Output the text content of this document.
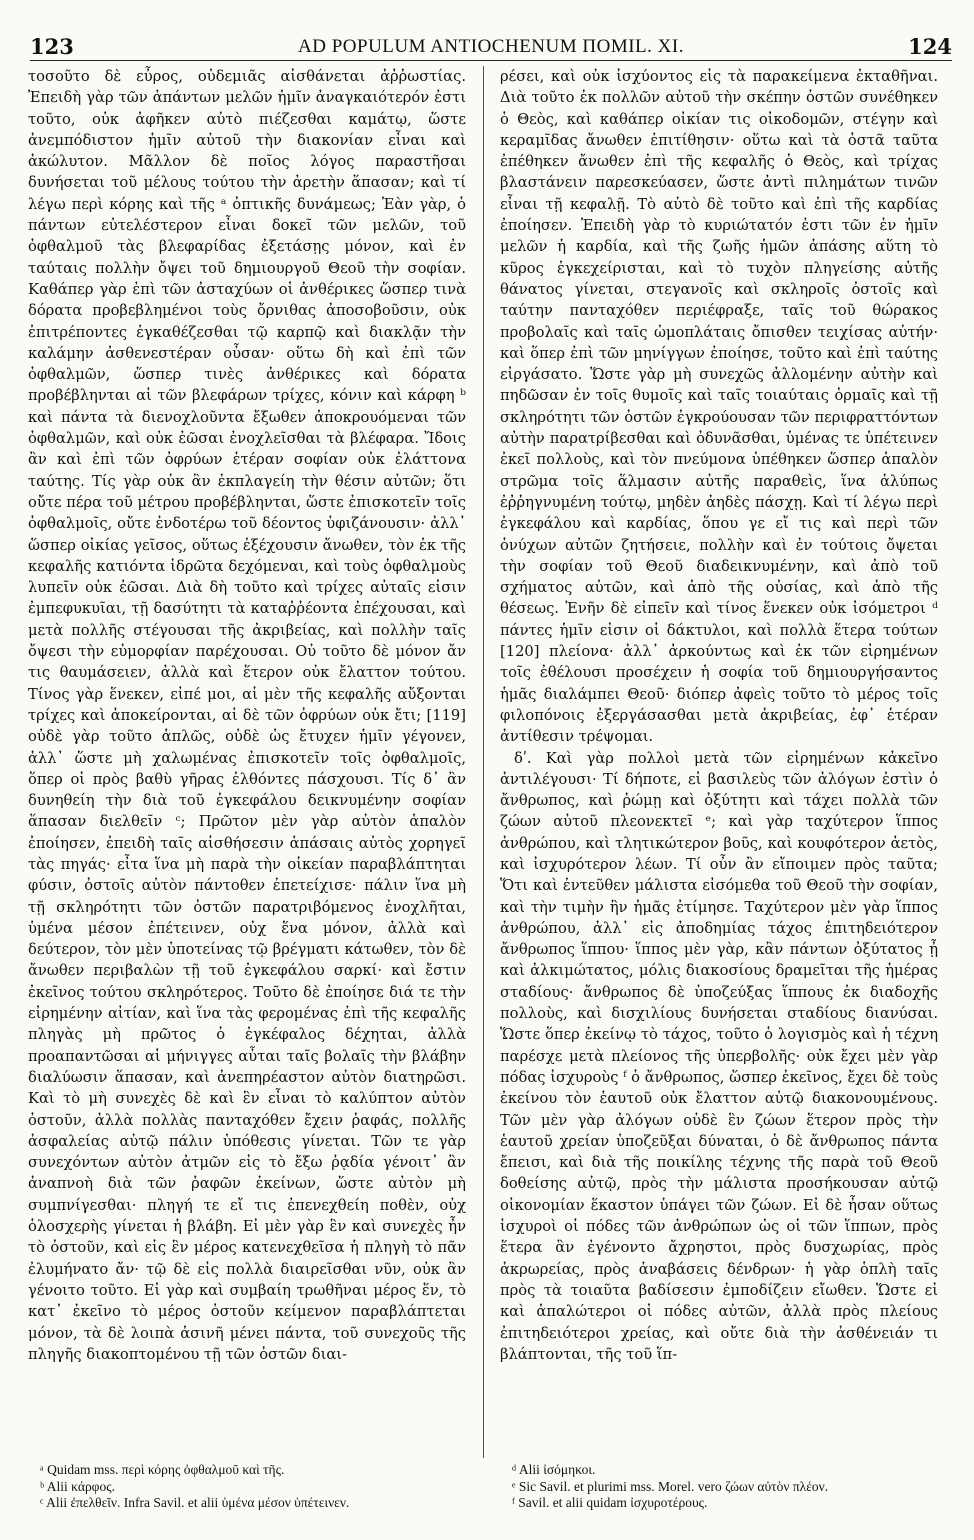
123	AD POPULUM ANTIOCHENUM ΠΟΜΙL. XI.	124

τοσοῦτο δὲ εὖρος, οὐδεμιᾶς αἰσθάνεται ἀῤῥωστίας. Ἐπειδὴ γὰρ τῶν ἁπάντων μελῶν ἡμῖν ἀναγκαιότερόν ἐστι τοῦτο, οὐκ ἀφῆκεν αὐτὸ πιέζεσθαι καμάτῳ, ὥστε ἀνεμπόδιστον ἡμῖν αὐτοῦ τὴν διακονίαν εἶναι καὶ ἀκώλυτον. Μᾶλλον δὲ ποῖος λόγος παραστῆσαι δυνήσεται τοῦ μέλους τούτου τὴν ἀρετὴν ἅπασαν; καὶ τί λέγω περὶ κόρης καὶ τῆς ᵃ ὀπτικῆς δυνάμεως; Ἐὰν γὰρ, ὁ πάντων εὐτελέστερον εἶναι δοκεῖ τῶν μελῶν, τοῦ ὀφθαλμοῦ τὰς βλεφαρίδας ἐξετάσῃς μόνον, καὶ ἐν ταύταις πολλὴν ὄψει τοῦ δημιουργοῦ Θεοῦ τὴν σοφίαν. Καθάπερ γὰρ ἐπὶ τῶν ἀσταχύων οἱ ἀνθέρικες ὥσπερ τινὰ δόρατα προβεβλημένοι τοὺς ὄρνιθας ἀποσοβοῦσιν, οὐκ ἐπιτρέποντες ἐγκαθέζεσθαι τῷ καρπῷ καὶ διακλᾷν τὴν καλάμην ἀσθενεστέραν οὖσαν· οὕτω δὴ καὶ ἐπὶ τῶν ὀφθαλμῶν, ὥσπερ τινὲς ἀνθέρικες καὶ δόρατα προβέβληνται αἱ τῶν βλεφάρων τρίχες, κόνιν καὶ κάρφη ᵇ καὶ πάντα τὰ διενοχλοῦντα ἔξωθεν ἀποκρουόμεναι τῶν ὀφθαλμῶν, καὶ οὐκ ἐῶσαι ἐνοχλεῖσθαι τὰ βλέφαρα. Ἴδοις ἂν καὶ ἐπὶ τῶν ὀφρύων ἑτέραν σοφίαν οὐκ ἐλάττονα ταύτης. Τίς γὰρ οὐκ ἂν ἐκπλαγείη τὴν θέσιν αὐτῶν; ὅτι οὔτε πέρα τοῦ μέτρου προβέβληνται, ὥστε ἐπισκοτεῖν τοῖς ὀφθαλμοῖς, οὔτε ἐνδοτέρω τοῦ δέοντος ὑφιζάνουσιν· ἀλλ᾿ ὥσπερ οἰκίας γεῖσος, οὕτως ἐξέχουσιν ἄνωθεν, τὸν ἐκ τῆς κεφαλῆς κατιόντα ἱδρῶτα δεχόμεναι, καὶ τοὺς ὀφθαλμοὺς λυπεῖν οὐκ ἐῶσαι. Διὰ δὴ τοῦτο καὶ τρίχες αὐταῖς εἰσιν ἐμπεφυκυῖαι, τῇ δασύτητι τὰ καταῤῥέοντα ἐπέχουσαι, καὶ μετὰ πολλῆς στέγουσαι τῆς ἀκριβείας, καὶ πολλὴν ταῖς ὄψεσι τὴν εὐμορφίαν παρέχουσαι. Οὐ τοῦτο δὲ μόνον ἄν τις θαυμάσειεν, ἀλλὰ καὶ ἕτερον οὐκ ἔλαττον τούτου. Τίνος γὰρ ἕνεκεν, εἰπέ μοι, αἱ μὲν τῆς κεφαλῆς αὔξονται τρίχες καὶ ἀποκείρονται, αἱ δὲ τῶν ὀφρύων οὐκ ἔτι; [119] οὐδὲ γὰρ τοῦτο ἁπλῶς, οὐδὲ ὡς ἔτυχεν ἡμῖν γέγονεν, ἀλλ᾿ ὥστε μὴ χαλωμένας ἐπισκοτεῖν τοῖς ὀφθαλμοῖς, ὅπερ οἱ πρὸς βαθὺ γῆρας ἐλθόντες πάσχουσι. Τίς δ᾿ ἂν δυνηθείη τὴν διὰ τοῦ ἐγκεφάλου δεικνυμένην σοφίαν ἅπασαν διελθεῖν ᶜ; Πρῶτον μὲν γὰρ αὐτὸν ἁπαλὸν ἐποίησεν, ἐπειδὴ ταῖς αἰσθήσεσιν ἁπάσαις αὐτὸς χορηγεῖ τὰς πηγάς· εἶτα ἵνα μὴ παρὰ τὴν οἰκείαν παραβλάπτηται φύσιν, ὀστοῖς αὐτὸν πάντοθεν ἐπετείχισε· πάλιν ἵνα μὴ τῇ σκληρότητι τῶν ὀστῶν παρατριβόμενος ἐνοχλῆται, ὑμένα μέσον ἐπέτεινεν, οὐχ ἕνα μόνον, ἀλλὰ καὶ δεύτερον, τὸν μὲν ὑποτείνας τῷ βρέγματι κάτωθεν, τὸν δὲ ἄνωθεν περιβαλὼν τῇ τοῦ ἐγκεφάλου σαρκί· καὶ ἔστιν ἐκεῖνος τούτου σκληρότερος. Τοῦτο δὲ ἐποίησε διά τε τὴν εἰρημένην αἰτίαν, καὶ ἵνα τὰς φερομένας ἐπὶ τῆς κεφαλῆς πληγὰς μὴ πρῶτος ὁ ἐγκέφαλος δέχηται, ἀλλὰ προαπαντῶσαι αἱ μήνιγγες αὗται ταῖς βολαῖς τὴν βλάβην διαλύωσιν ἅπασαν, καὶ ἀνεπηρέαστον αὐτὸν διατηρῶσι. Καὶ τὸ μὴ συνεχὲς δὲ καὶ ἓν εἶναι τὸ καλύπτον αὐτὸν ὀστοῦν, ἀλλὰ πολλὰς πανταχόθεν ἔχειν ῥαφάς, πολλῆς ἀσφαλείας αὐτῷ πάλιν ὑπόθεσις γίνεται. Τῶν τε γὰρ συνεχόντων αὐτὸν ἀτμῶν εἰς τὸ ἔξω ῥᾳδία γένοιτ᾿ ἂν ἀναπνοὴ διὰ τῶν ῥαφῶν ἐκείνων, ὥστε αὐτὸν μὴ συμπνίγεσθαι· πληγή τε εἴ τις ἐπενεχθείη ποθὲν, οὐχ ὁλοσχερὴς γίνεται ἡ βλάβη. Εἰ μὲν γὰρ ἓν καὶ συνεχὲς ἦν τὸ ὀστοῦν, καὶ εἰς ἓν μέρος κατενεχθεῖσα ἡ πληγὴ τὸ πᾶν ἐλυμήνατο ἄν· τῷ δὲ εἰς πολλὰ διαιρεῖσθαι νῦν, οὐκ ἂν γένοιτο τοῦτο. Εἰ γὰρ καὶ συμβαίη τρωθῆναι μέρος ἕν, τὸ κατ᾿ ἐκεῖνο τὸ μέρος ὀστοῦν κείμενον παραβλάπτεται μόνον, τὰ δὲ λοιπὰ ἀσινῆ μένει πάντα, τοῦ συνεχοῦς τῆς πληγῆς διακοπτομένου τῇ τῶν ὀστῶν διαι-

ρέσει, καὶ οὐκ ἰσχύοντος εἰς τὰ παρακείμενα ἐκταθῆναι. Διὰ τοῦτο ἐκ πολλῶν αὐτοῦ τὴν σκέπην ὀστῶν συνέθηκεν ὁ Θεὸς, καὶ καθάπερ οἰκίαν τις οἰκοδομῶν, στέγην καὶ κεραμῖδας ἄνωθεν ἐπιτίθησιν· οὕτω καὶ τὰ ὀστᾶ ταῦτα ἐπέθηκεν ἄνωθεν ἐπὶ τῆς κεφαλῆς ὁ Θεὸς, καὶ τρίχας βλαστάνειν παρεσκεύασεν, ὥστε ἀντὶ πιλημάτων τινῶν εἶναι τῇ κεφαλῇ. Τὸ αὐτὸ δὲ τοῦτο καὶ ἐπὶ τῆς καρδίας ἐποίησεν. Ἐπειδὴ γὰρ τὸ κυριώτατόν ἐστι τῶν ἐν ἡμῖν μελῶν ἡ καρδία, καὶ τῆς ζωῆς ἡμῶν ἁπάσης αὕτη τὸ κῦρος ἐγκεχείρισται, καὶ τὸ τυχὸν πληγείσης αὐτῆς θάνατος γίνεται, στεγανοῖς καὶ σκληροῖς ὀστοῖς καὶ ταύτην πανταχόθεν περιέφραξε, ταῖς τοῦ θώρακος προβολαῖς καὶ ταῖς ὠμοπλάταις ὄπισθεν τειχίσας αὐτήν· καὶ ὅπερ ἐπὶ τῶν μηνίγγων ἐποίησε, τοῦτο καὶ ἐπὶ ταύτης εἰργάσατο. Ὥστε γὰρ μὴ συνεχῶς ἀλλομένην αὐτὴν καὶ πηδῶσαν ἐν τοῖς θυμοῖς καὶ ταῖς τοιαύταις ὁρμαῖς καὶ τῇ σκληρότητι τῶν ὀστῶν ἐγκρούουσαν τῶν περιφραττόντων αὐτὴν παρατρίβεσθαι καὶ ὀδυνᾶσθαι, ὑμένας τε ὑπέτεινεν ἐκεῖ πολλοὺς, καὶ τὸν πνεύμονα ὑπέθηκεν ὥσπερ ἁπαλὸν στρῶμα τοῖς ἅλμασιν αὐτῆς παραθεὶς, ἵνα ἀλύπως ἐῤῥηγνυμένη τούτῳ, μηδὲν ἀηδὲς πάσχῃ. Καὶ τί λέγω περὶ ἐγκεφάλου καὶ καρδίας, ὅπου γε εἴ τις καὶ περὶ τῶν ὀνύχων αὐτῶν ζητήσειε, πολλὴν καὶ ἐν τούτοις ὄψεται τὴν σοφίαν τοῦ Θεοῦ διαδεικνυμένην, καὶ ἀπὸ τοῦ σχήματος αὐτῶν, καὶ ἀπὸ τῆς οὐσίας, καὶ ἀπὸ τῆς θέσεως. Ἐνῆν δὲ εἰπεῖν καὶ τίνος ἕνεκεν οὐκ ἰσόμετροι ᵈ πάντες ἡμῖν εἰσιν οἱ δάκτυλοι, καὶ πολλὰ ἕτερα τούτων [120] πλείονα· ἀλλ᾿ ἀρκούντως καὶ ἐκ τῶν εἰρημένων τοῖς ἐθέλουσι προσέχειν ἡ σοφία τοῦ δημιουργήσαντος ἡμᾶς διαλάμπει Θεοῦ· διόπερ ἀφεὶς τοῦτο τὸ μέρος τοῖς φιλοπόνοις ἐξεργάσασθαι μετὰ ἀκριβείας, ἐφ᾿ ἑτέραν ἀντίθεσιν τρέψομαι.

δʹ. Καὶ γὰρ πολλοὶ μετὰ τῶν εἰρημένων κἀκεῖνο ἀντιλέγουσι· Τί δήποτε, εἰ βασιλεὺς τῶν ἀλόγων ἐστὶν ὁ ἄνθρωπος, καὶ ῥώμῃ καὶ ὀξύτητι καὶ τάχει πολλὰ τῶν ζώων αὐτοῦ πλεονεκτεῖ ᵉ; καὶ γὰρ ταχύτερον ἵππος ἀνθρώπου, καὶ τλητικώτερον βοῦς, καὶ κουφότερον ἀετὸς, καὶ ἰσχυρότερον λέων. Τί οὖν ἂν εἴποιμεν πρὸς ταῦτα; Ὅτι καὶ ἐντεῦθεν μάλιστα εἰσόμεθα τοῦ Θεοῦ τὴν σοφίαν, καὶ τὴν τιμὴν ἣν ἡμᾶς ἐτίμησε. Ταχύτερον μὲν γὰρ ἵππος ἀνθρώπου, ἀλλ᾿ εἰς ἀποδημίας τάχος ἐπιτηδειότερον ἄνθρωπος ἵππου· ἵππος μὲν γὰρ, κἂν πάντων ὀξύτατος ᾖ καὶ ἀλκιμώτατος, μόλις διακοσίους δραμεῖται τῆς ἡμέρας σταδίους· ἄνθρωπος δὲ ὑποζεύξας ἵππους ἐκ διαδοχῆς πολλοὺς, καὶ δισχιλίους δυνήσεται σταδίους διανύσαι. Ὥστε ὅπερ ἐκείνῳ τὸ τάχος, τοῦτο ὁ λογισμὸς καὶ ἡ τέχνη παρέσχε μετὰ πλείονος τῆς ὑπερβολῆς· οὐκ ἔχει μὲν γὰρ πόδας ἰσχυροὺς ᶠ ὁ ἄνθρωπος, ὥσπερ ἐκεῖνος, ἔχει δὲ τοὺς ἐκείνου τὸν ἑαυτοῦ οὐκ ἔλαττον αὐτῷ διακονουμένους. Τῶν μὲν γὰρ ἀλόγων οὐδὲ ἓν ζώων ἕτερον πρὸς τὴν ἑαυτοῦ χρείαν ὑποζεῦξαι δύναται, ὁ δὲ ἄνθρωπος πάντα ἔπεισι, καὶ διὰ τῆς ποικίλης τέχνης τῆς παρὰ τοῦ Θεοῦ δοθείσης αὐτῷ, πρὸς τὴν μάλιστα προσήκουσαν αὐτῷ οἰκονομίαν ἕκαστον ὑπάγει τῶν ζώων. Εἰ δὲ ἦσαν οὕτως ἰσχυροὶ οἱ πόδες τῶν ἀνθρώπων ὡς οἱ τῶν ἵππων, πρὸς ἕτερα ἂν ἐγένοντο ἄχρηστοι, πρὸς δυσχωρίας, πρὸς ἀκρωρείας, πρὸς ἀναβάσεις δένδρων· ἡ γὰρ ὁπλὴ ταῖς πρὸς τὰ τοιαῦτα βαδίσεσιν ἐμποδίζειν εἴωθεν. Ὥστε εἰ καὶ ἁπαλώτεροι οἱ πόδες αὐτῶν, ἀλλὰ πρὸς πλείους ἐπιτηδειότεροι χρείας, καὶ οὔτε διὰ τὴν ἀσθένειάν τι βλάπτονται, τῆς τοῦ ἵπ-

ᵃ Quidam mss. περὶ κόρης ὀφθαλμοῦ καὶ τῆς.
ᵇ Alii κάρφος.
ᶜ Alii ἐπελθεῖν. Infra Savil. et alii ὑμένα μέσον ὑπέτεινεν.
ᵈ Alii ἰσόμηκοι.
ᵉ Sic Savil. et plurimi mss. Morel. vero ζώων αὐτὸν πλέον.
ᶠ Savil. et alii quidam ἰσχυροτέρους.
